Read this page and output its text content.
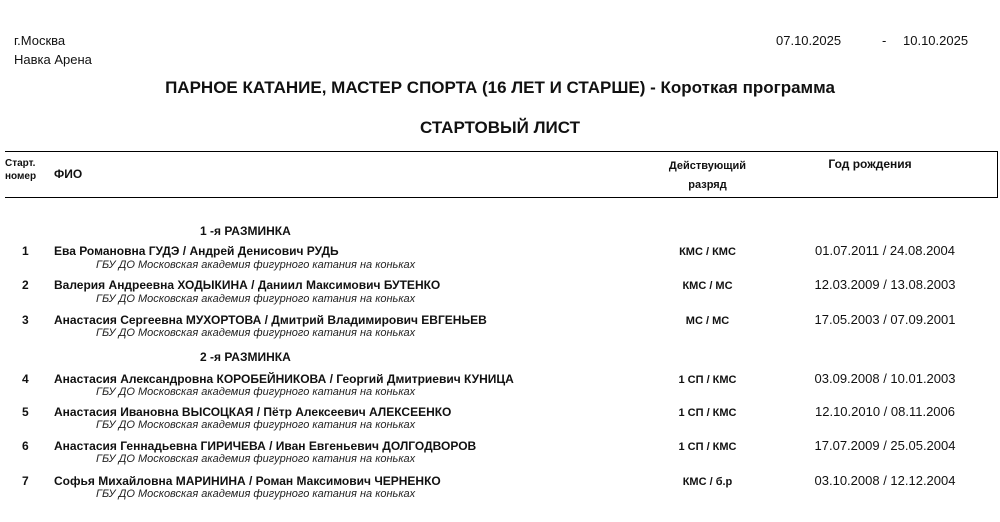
г.Москва
Навка Арена
07.10.2025	- 10.10.2025
ПАРНОЕ КАТАНИЕ, МАСТЕР СПОРТА (16 ЛЕТ И СТАРШЕ) - Короткая программа
СТАРТОВЫЙ ЛИСТ
Старт.
номер ФИО
Действующий
разряд
Год рождения
1 -я РАЗМИНКА
1 Ева Романовна ГУДЭ / Андрей Денисович РУДЬ
ГБУ ДО Московская академия фигурного катания на коньках
КМС / КМС	01.07.2011 / 24.08.2004
2 Валерия Андреевна ХОДЫКИНА / Даниил Максимович БУТЕНКО
ГБУ ДО Московская академия фигурного катания на коньках
КМС / МС	12.03.2009 / 13.08.2003
3 Анастасия Сергеевна МУХОРТОВА / Дмитрий Владимирович ЕВГЕНЬЕВ
ГБУ ДО Московская академия фигурного катания на коньках
МС / МС	17.05.2003 / 07.09.2001
2 -я РАЗМИНКА
4 Анастасия Александровна КОРОБЕЙНИКОВА / Георгий Дмитриевич КУНИЦА
ГБУ ДО Московская академия фигурного катания на коньках
1 СП / КМС	03.09.2008 / 10.01.2003
5 Анастасия Ивановна ВЫСОЦКАЯ / Пётр Алексеевич АЛЕКСЕЕНКО
ГБУ ДО Московская академия фигурного катания на коньках
1 СП / КМС	12.10.2010 / 08.11.2006
6 Анастасия Геннадьевна ГИРИЧЕВА / Иван Евгеньевич ДОЛГОДВОРОВ
ГБУ ДО Московская академия фигурного катания на коньках
1 СП / КМС	17.07.2009 / 25.05.2004
7 Софья Михайловна МАРИНИНА / Роман Максимович ЧЕРНЕНКО
ГБУ ДО Московская академия фигурного катания на коньках
КМС / б.р	03.10.2008 / 12.12.2004
